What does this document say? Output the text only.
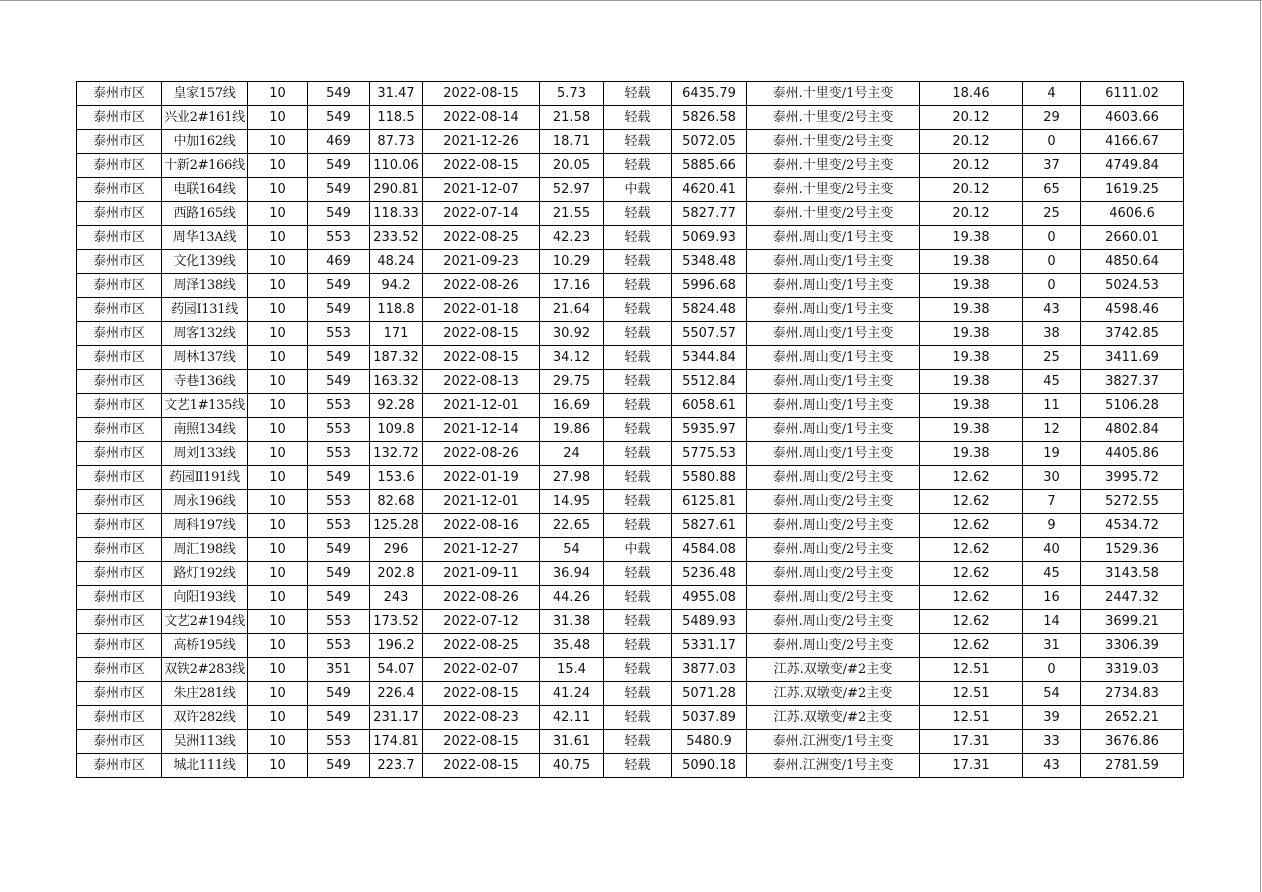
泰州市区	皇家157线	10	549	31.47	2022-08-15	5.73	轻载	6435.79	泰州.十里变/1号主变	18.46	4	6111.02
泰州市区	兴业2#161线	10	549	118.5	2022-08-14	21.58	轻载	5826.58	泰州.十里变/2号主变	20.12	29	4603.66
泰州市区	中加162线	10	469	87.73	2021-12-26	18.71	轻载	5072.05	泰州.十里变/2号主变	20.12	0	4166.67
泰州市区	十新2#166线	10	549	110.06	2022-08-15	20.05	轻载	5885.66	泰州.十里变/2号主变	20.12	37	4749.84
泰州市区	电联164线	10	549	290.81	2021-12-07	52.97	中载	4620.41	泰州.十里变/2号主变	20.12	65	1619.25
泰州市区	西路165线	10	549	118.33	2022-07-14	21.55	轻载	5827.77	泰州.十里变/2号主变	20.12	25	4606.6
泰州市区	周华13A线	10	553	233.52	2022-08-25	42.23	轻载	5069.93	泰州.周山变/1号主变	19.38	0	2660.01
泰州市区	文化139线	10	469	48.24	2021-09-23	10.29	轻载	5348.48	泰州.周山变/1号主变	19.38	0	4850.64
泰州市区	周泽138线	10	549	94.2	2022-08-26	17.16	轻载	5996.68	泰州.周山变/1号主变	19.38	0	5024.53
泰州市区	药园I131线	10	549	118.8	2022-01-18	21.64	轻载	5824.48	泰州.周山变/1号主变	19.38	43	4598.46
泰州市区	周客132线	10	553	171	2022-08-15	30.92	轻载	5507.57	泰州.周山变/1号主变	19.38	38	3742.85
泰州市区	周林137线	10	549	187.32	2022-08-15	34.12	轻载	5344.84	泰州.周山变/1号主变	19.38	25	3411.69
泰州市区	寺巷136线	10	549	163.32	2022-08-13	29.75	轻载	5512.84	泰州.周山变/1号主变	19.38	45	3827.37
泰州市区	文艺1#135线	10	553	92.28	2021-12-01	16.69	轻载	6058.61	泰州.周山变/1号主变	19.38	11	5106.28
泰州市区	南照134线	10	553	109.8	2021-12-14	19.86	轻载	5935.97	泰州.周山变/1号主变	19.38	12	4802.84
泰州市区	周刘133线	10	553	132.72	2022-08-26	24	轻载	5775.53	泰州.周山变/1号主变	19.38	19	4405.86
泰州市区	药园Ⅱ191线	10	549	153.6	2022-01-19	27.98	轻载	5580.88	泰州.周山变/2号主变	12.62	30	3995.72
泰州市区	周永196线	10	553	82.68	2021-12-01	14.95	轻载	6125.81	泰州.周山变/2号主变	12.62	7	5272.55
泰州市区	周科197线	10	553	125.28	2022-08-16	22.65	轻载	5827.61	泰州.周山变/2号主变	12.62	9	4534.72
泰州市区	周汇198线	10	549	296	2021-12-27	54	中载	4584.08	泰州.周山变/2号主变	12.62	40	1529.36
泰州市区	路灯192线	10	549	202.8	2021-09-11	36.94	轻载	5236.48	泰州.周山变/2号主变	12.62	45	3143.58
泰州市区	向阳193线	10	549	243	2022-08-26	44.26	轻载	4955.08	泰州.周山变/2号主变	12.62	16	2447.32
泰州市区	文艺2#194线	10	553	173.52	2022-07-12	31.38	轻载	5489.93	泰州.周山变/2号主变	12.62	14	3699.21
泰州市区	高桥195线	10	553	196.2	2022-08-25	35.48	轻载	5331.17	泰州.周山变/2号主变	12.62	31	3306.39
泰州市区	双铁2#283线	10	351	54.07	2022-02-07	15.4	轻载	3877.03	江苏.双墩变/#2主变	12.51	0	3319.03
泰州市区	朱庄281线	10	549	226.4	2022-08-15	41.24	轻载	5071.28	江苏.双墩变/#2主变	12.51	54	2734.83
泰州市区	双许282线	10	549	231.17	2022-08-23	42.11	轻载	5037.89	江苏.双墩变/#2主变	12.51	39	2652.21
泰州市区	吴洲113线	10	553	174.81	2022-08-15	31.61	轻载	5480.9	泰州.江洲变/1号主变	17.31	33	3676.86
泰州市区	城北111线	10	549	223.7	2022-08-15	40.75	轻载	5090.18	泰州.江洲变/1号主变	17.31	43	2781.59
